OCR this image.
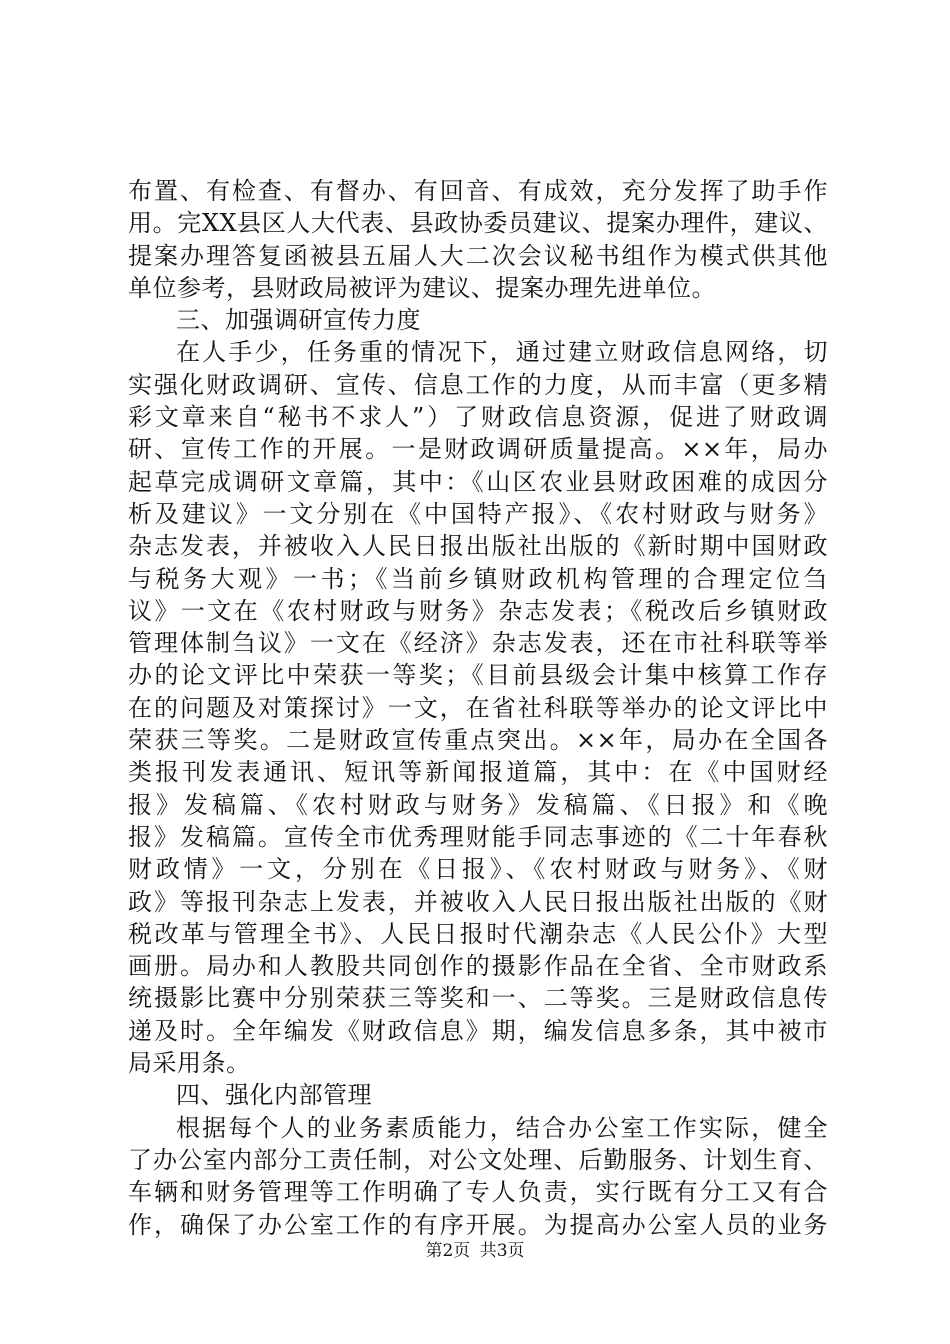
布置、有检查、有督办、有回音、有成效，充分发挥了助手作
用。完XX县区人大代表、县政协委员建议、提案办理件，建议、
提案办理答复函被县五届人大二次会议秘书组作为模式供其他
单位参考，县财政局被评为建议、提案办理先进单位。
三、加强调研宣传力度
在人手少，任务重的情况下，通过建立财政信息网络，切
实强化财政调研、宣传、信息工作的力度，从而丰富（更多精
彩文章来自“秘书不求人”）了财政信息资源，促进了财政调
研、宣传工作的开展。一是财政调研质量提高。××年，局办
起草完成调研文章篇，其中：《山区农业县财政困难的成因分
析及建议》一文分别在《中国特产报》、《农村财政与财务》
杂志发表，并被收入人民日报出版社出版的《新时期中国财政
与税务大观》一书；《当前乡镇财政机构管理的合理定位刍
议》一文在《农村财政与财务》杂志发表；《税改后乡镇财政
管理体制刍议》一文在《经济》杂志发表，还在市社科联等举
办的论文评比中荣获一等奖；《目前县级会计集中核算工作存
在的问题及对策探讨》一文，在省社科联等举办的论文评比中
荣获三等奖。二是财政宣传重点突出。××年，局办在全国各
类报刊发表通讯、短讯等新闻报道篇，其中：在《中国财经
报》发稿篇、《农村财政与财务》发稿篇、《日报》和《晚
报》发稿篇。宣传全市优秀理财能手同志事迹的《二十年春秋
财政情》一文，分别在《日报》、《农村财政与财务》、《财
政》等报刊杂志上发表，并被收入人民日报出版社出版的《财
税改革与管理全书》、人民日报时代潮杂志《人民公仆》大型
画册。局办和人教股共同创作的摄影作品在全省、全市财政系
统摄影比赛中分别荣获三等奖和一、二等奖。三是财政信息传
递及时。全年编发《财政信息》期，编发信息多条，其中被市
局采用条。
四、强化内部管理
根据每个人的业务素质能力，结合办公室工作实际，健全
了办公室内部分工责任制，对公文处理、后勤服务、计划生育、
车辆和财务管理等工作明确了专人负责，实行既有分工又有合
作，确保了办公室工作的有序开展。为提高办公室人员的业务
第2页 共3页
